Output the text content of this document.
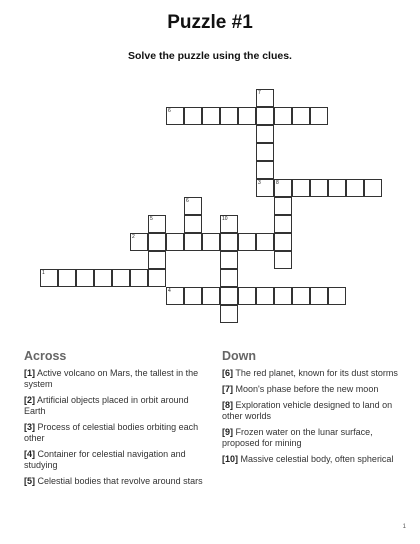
Puzzle #1
Solve the puzzle using the clues.
1
2
3	8
4
6
5
6
7
10
Across
[1] Active volcano on Mars, the tallest in the system
[2] Artificial objects placed in orbit around Earth
[3] Process of celestial bodies orbiting each other
[4] Container for celestial navigation and studying
[5] Celestial bodies that revolve around stars
Down
[6] The red planet, known for its dust storms
[7] Moon's phase before the new moon
[8] Exploration vehicle designed to land on other worlds
[9] Frozen water on the lunar surface, proposed for mining
[10] Massive celestial body, often spherical
1
